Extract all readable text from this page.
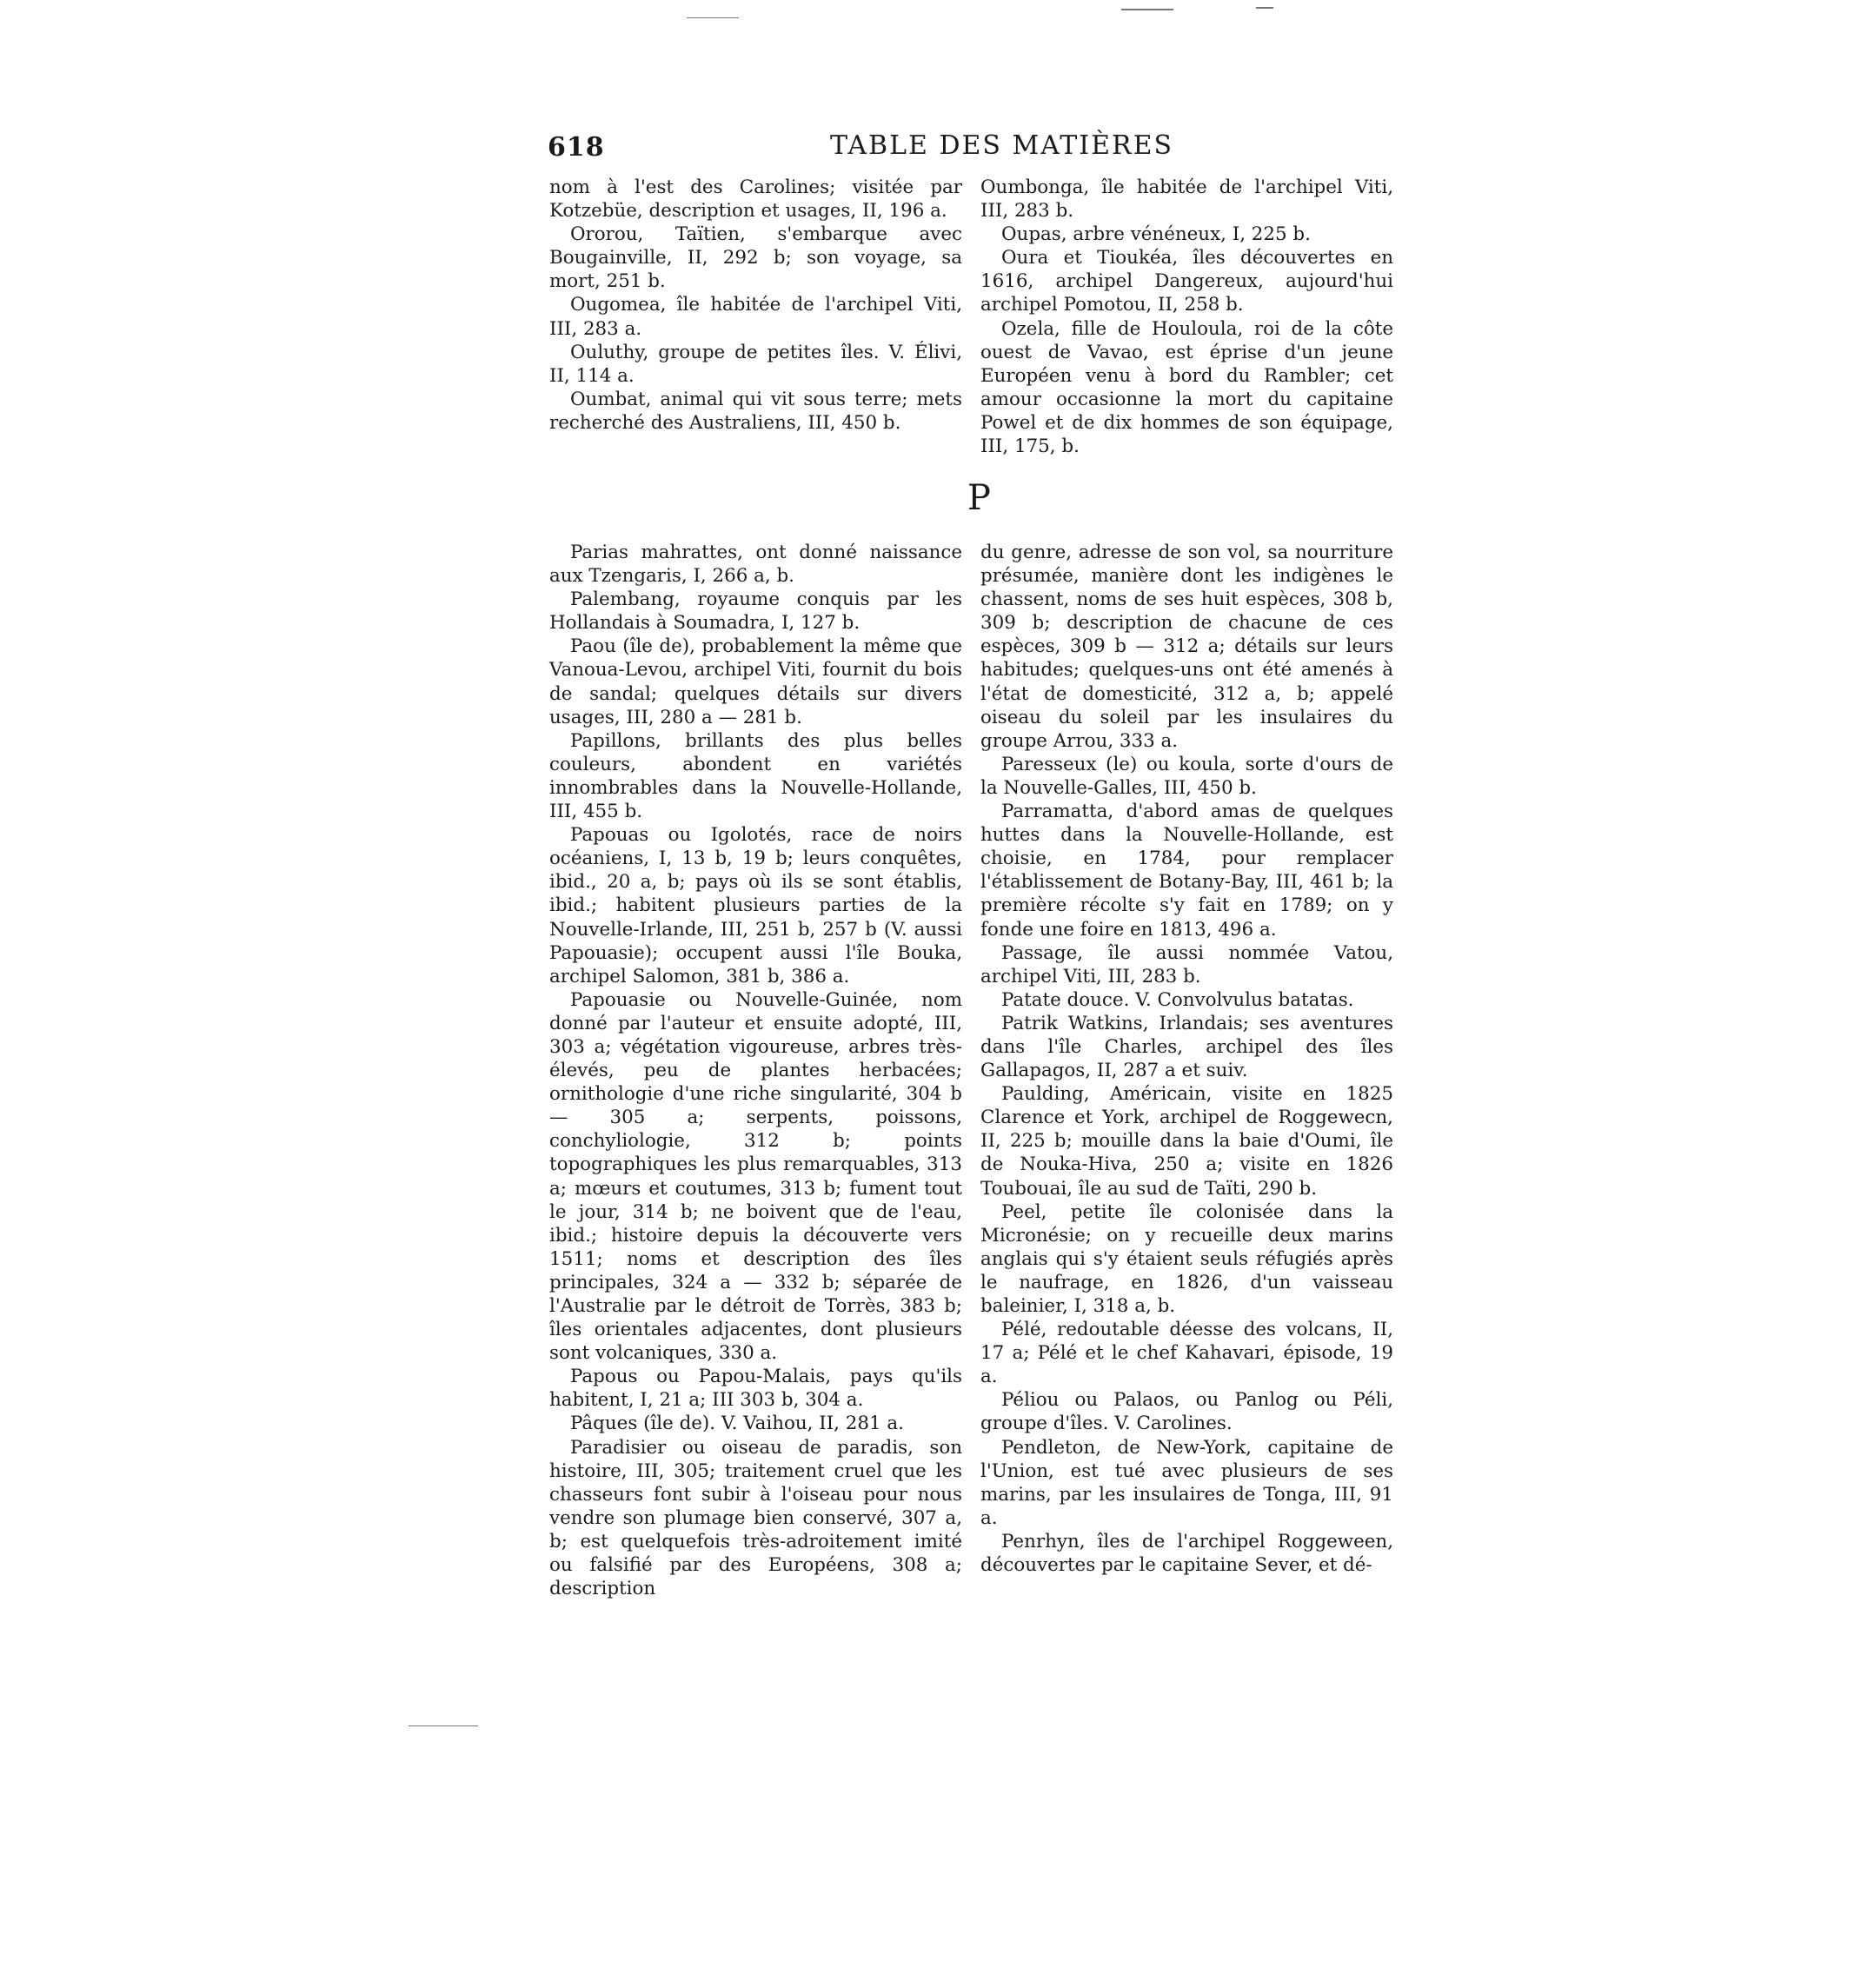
618	TABLE DES MATIÈRES

nom à l'est des Carolines; visitée par Kotzebüe, description et usages, II, 196 a.

Ororou, Taïtien, s'embarque avec Bougainville, II, 292 b; son voyage, sa mort, 251 b.

Ougomea, île habitée de l'archipel Viti, III, 283 a.

Ouluthy, groupe de petites îles. V. Élivi, II, 114 a.

Oumbat, animal qui vit sous terre; mets recherché des Australiens, III, 450 b.

Oumbonga, île habitée de l'archipel Viti, III, 283 b.

Oupas, arbre vénéneux, I, 225 b.

Oura et Tioukéa, îles découvertes en 1616, archipel Dangereux, aujourd'hui archipel Pomotou, II, 258 b.

Ozela, fille de Houloula, roi de la côte ouest de Vavao, est éprise d'un jeune Européen venu à bord du Rambler; cet amour occasionne la mort du capitaine Powel et de dix hommes de son équipage, III, 175, b.

P

Parias mahrattes, ont donné naissance aux Tzengaris, I, 266 a, b.

Palembang, royaume conquis par les Hollandais à Soumadra, I, 127 b.

Paou (île de), probablement la même que Vanoua-Levou, archipel Viti, fournit du bois de sandal; quelques détails sur divers usages, III, 280 a — 281 b.

Papillons, brillants des plus belles couleurs, abondent en variétés innombrables dans la Nouvelle-Hollande, III, 455 b.

Papouas ou Igolotés, race de noirs océaniens, I, 13 b, 19 b; leurs conquêtes, ibid., 20 a, b; pays où ils se sont établis, ibid.; habitent plusieurs parties de la Nouvelle-Irlande, III, 251 b, 257 b (V. aussi Papouasie); occupent aussi l'île Bouka, archipel Salomon, 381 b, 386 a.

Papouasie ou Nouvelle-Guinée, nom donné par l'auteur et ensuite adopté, III, 303 a; végétation vigoureuse, arbres très-élevés, peu de plantes herbacées; ornithologie d'une riche singularité, 304 b — 305 a; serpents, poissons, conchyliologie, 312 b; points topographiques les plus remarquables, 313 a; mœurs et coutumes, 313 b; fument tout le jour, 314 b; ne boivent que de l'eau, ibid.; histoire depuis la découverte vers 1511; noms et description des îles principales, 324 a — 332 b; séparée de l'Australie par le détroit de Torrès, 383 b; îles orientales adjacentes, dont plusieurs sont volcaniques, 330 a.

Papous ou Papou-Malais, pays qu'ils habitent, I, 21 a; III 303 b, 304 a.

Pâques (île de). V. Vaihou, II, 281 a.

Paradisier ou oiseau de paradis, son histoire, III, 305; traitement cruel que les chasseurs font subir à l'oiseau pour nous vendre son plumage bien conservé, 307 a, b; est quelquefois très-adroitement imité ou falsifié par des Européens, 308 a; description

du genre, adresse de son vol, sa nourriture présumée, manière dont les indigènes le chassent, noms de ses huit espèces, 308 b, 309 b; description de chacune de ces espèces, 309 b — 312 a; détails sur leurs habitudes; quelques-uns ont été amenés à l'état de domesticité, 312 a, b; appelé oiseau du soleil par les insulaires du groupe Arrou, 333 a.

Paresseux (le) ou koula, sorte d'ours de la Nouvelle-Galles, III, 450 b.

Parramatta, d'abord amas de quelques huttes dans la Nouvelle-Hollande, est choisie, en 1784, pour remplacer l'établissement de Botany-Bay, III, 461 b; la première récolte s'y fait en 1789; on y fonde une foire en 1813, 496 a.

Passage, île aussi nommée Vatou, archipel Viti, III, 283 b.

Patate douce. V. Convolvulus batatas.

Patrik Watkins, Irlandais; ses aventures dans l'île Charles, archipel des îles Gallapagos, II, 287 a et suiv.

Paulding, Américain, visite en 1825 Clarence et York, archipel de Roggewecn, II, 225 b; mouille dans la baie d'Oumi, île de Nouka-Hiva, 250 a; visite en 1826 Toubouai, île au sud de Taïti, 290 b.

Peel, petite île colonisée dans la Micronésie; on y recueille deux marins anglais qui s'y étaient seuls réfugiés après le naufrage, en 1826, d'un vaisseau baleinier, I, 318 a, b.

Pélé, redoutable déesse des volcans, II, 17 a; Pélé et le chef Kahavari, épisode, 19 a.

Péliou ou Palaos, ou Panlog ou Péli, groupe d'îles. V. Carolines.

Pendleton, de New-York, capitaine de l'Union, est tué avec plusieurs de ses marins, par les insulaires de Tonga, III, 91 a.

Penrhyn, îles de l'archipel Roggeween, découvertes par le capitaine Sever, et dé-
